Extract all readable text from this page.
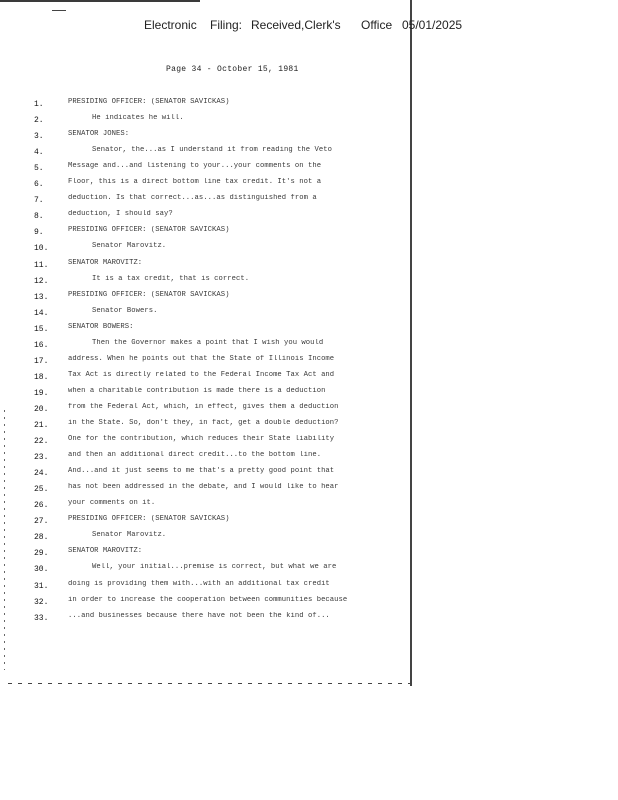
Electronic Filing: Received,Clerk's Office 05/01/2025
Page 34 - October 15, 1981
1.	PRESIDING OFFICER: (SENATOR SAVICKAS)
2.	He indicates he will.
3.	SENATOR JONES:
4.	Senator, the...as I understand it from reading the Veto
5.	Message and...and listening to your...your comments on the
6.	Floor, this is a direct bottom line tax credit. It's not a
7.	deduction. Is that correct...as...as distinguished from a
8.	deduction, I should say?
9.	PRESIDING OFFICER: (SENATOR SAVICKAS)
10.	Senator Marovitz.
11.	SENATOR MAROVITZ:
12.	It is a tax credit, that is correct.
13.	PRESIDING OFFICER: (SENATOR SAVICKAS)
14.	Senator Bowers.
15.	SENATOR BOWERS:
16.	Then the Governor makes a point that I wish you would
17.	address. When he points out that the State of Illinois Income
18.	Tax Act is directly related to the Federal Income Tax Act and
19.	when a charitable contribution is made there is a deduction
20.	from the Federal Act, which, in effect, gives them a deduction
21.	in the State. So, don't they, in fact, get a double deduction?
22.	One for the contribution, which reduces their State liability
23.	and then an additional direct credit...to the bottom line.
24.	And...and it just seems to me that's a pretty good point that
25.	has not been addressed in the debate, and I would like to hear
26.	your comments on it.
27.	PRESIDING OFFICER: (SENATOR SAVICKAS)
28.	Senator Marovitz.
29.	SENATOR MAROVITZ:
30.	Well, your initial...premise is correct, but what we are
31.	doing is providing them with...with an additional tax credit
32.	in order to increase the cooperation between communities because
33.	...and businesses because there have not been the kind of...
